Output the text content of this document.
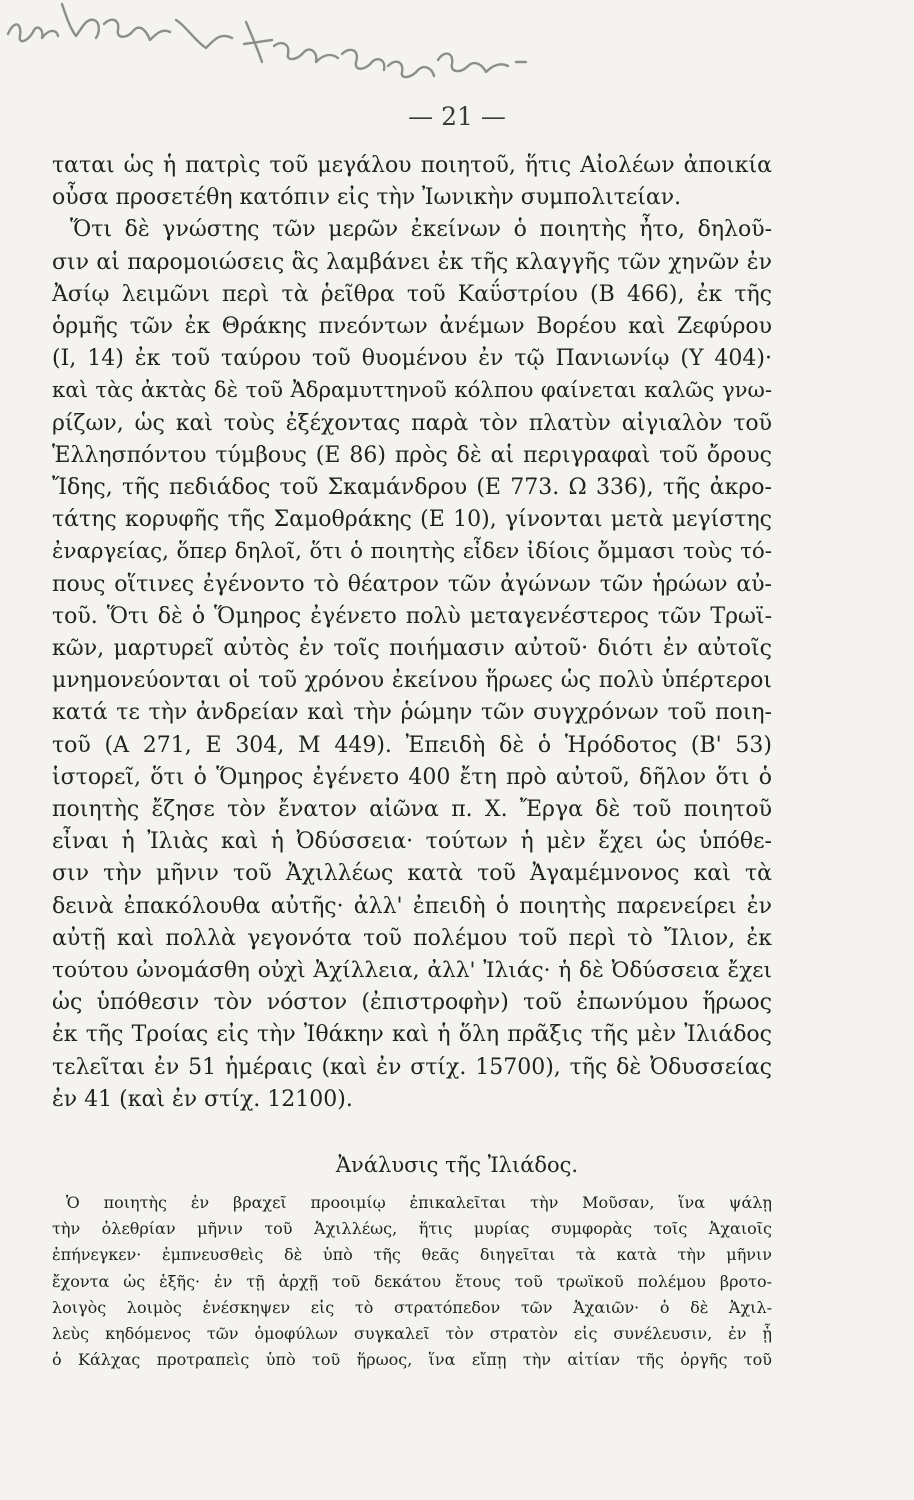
— 21 —
ταται ὡς ἡ πατρὶς τοῦ μεγάλου ποιητοῦ, ἥτις Αἰολέων ἀποικία
οὖσα προσετέθη κατόπιν εἰς τὴν Ἰωνικὴν συμπολιτείαν.
Ὅτι δὲ γνώστης τῶν μερῶν ἐκείνων ὁ ποιητὴς ἦτο, δηλοῦ-
σιν αἱ παρομοιώσεις ἃς λαμβάνει ἐκ τῆς κλαγγῆς τῶν χηνῶν ἐν
Ἀσίῳ λειμῶνι περὶ τὰ ῥεῖθρα τοῦ Καΰστρίου (Β 466), ἐκ τῆς
ὁρμῆς τῶν ἐκ Θράκης πνεόντων ἀνέμων Βορέου καὶ Ζεφύρου
(Ι, 14) ἐκ τοῦ ταύρου τοῦ θυομένου ἐν τῷ Πανιωνίῳ (Υ 404)·
καὶ τὰς ἀκτὰς δὲ τοῦ Ἀδραμυττηνοῦ κόλπου φαίνεται καλῶς γνω-
ρίζων, ὡς καὶ τοὺς ἐξέχοντας παρὰ τὸν πλατὺν αἰγιαλὸν τοῦ
Ἑλλησπόντου τύμβους (Ε 86) πρὸς δὲ αἱ περιγραφαὶ τοῦ ὄρους
Ἴδης, τῆς πεδιάδος τοῦ Σκαμάνδρου (Ε 773. Ω 336), τῆς ἀκρο-
τάτης κορυφῆς τῆς Σαμοθράκης (Ε 10), γίνονται μετὰ μεγίστης
ἐναργείας, ὅπερ δηλοῖ, ὅτι ὁ ποιητὴς εἶδεν ἰδίοις ὄμμασι τοὺς τό-
πους οἵτινες ἐγένοντο τὸ θέατρον τῶν ἀγώνων τῶν ἡρώων αὐ-
τοῦ. Ὅτι δὲ ὁ Ὅμηρος ἐγένετο πολὺ μεταγενέστερος τῶν Τρωϊ-
κῶν, μαρτυρεῖ αὐτὸς ἐν τοῖς ποιήμασιν αὐτοῦ· διότι ἐν αὐτοῖς
μνημονεύονται οἱ τοῦ χρόνου ἐκείνου ἥρωες ὡς πολὺ ὑπέρτεροι
κατά τε τὴν ἀνδρείαν καὶ τὴν ῥώμην τῶν συγχρόνων τοῦ ποιη-
τοῦ (Α 271, Ε 304, Μ 449). Ἐπειδὴ δὲ ὁ Ἡρόδοτος (Β' 53)
ἱστορεῖ, ὅτι ὁ Ὅμηρος ἐγένετο 400 ἔτη πρὸ αὐτοῦ, δῆλον ὅτι ὁ
ποιητὴς ἔζησε τὸν ἔνατον αἰῶνα π. Χ. Ἔργα δὲ τοῦ ποιητοῦ
εἶναι ἡ Ἰλιὰς καὶ ἡ Ὀδύσσεια· τούτων ἡ μὲν ἔχει ὡς ὑπόθε-
σιν τὴν μῆνιν τοῦ Ἀχιλλέως κατὰ τοῦ Ἀγαμέμνονος καὶ τὰ
δεινὰ ἐπακόλουθα αὐτῆς· ἀλλ' ἐπειδὴ ὁ ποιητὴς παρενείρει ἐν
αὐτῇ καὶ πολλὰ γεγονότα τοῦ πολέμου τοῦ περὶ τὸ Ἴλιον, ἐκ
τούτου ὠνομάσθη οὐχὶ Ἀχίλλεια, ἀλλ' Ἰλιάς· ἡ δὲ Ὀδύσσεια ἔχει
ὡς ὑπόθεσιν τὸν νόστον (ἐπιστροφὴν) τοῦ ἐπωνύμου ἥρωος
ἐκ τῆς Τροίας εἰς τὴν Ἰθάκην καὶ ἡ ὅλη πρᾶξις τῆς μὲν Ἰλιάδος
τελεῖται ἐν 51 ἡμέραις (καὶ ἐν στίχ. 15700), τῆς δὲ Ὀδυσσείας
ἐν 41 (καὶ ἐν στίχ. 12100).
Ἀνάλυσις τῆς Ἰλιάδος.
Ὁ ποιητὴς ἐν βραχεῖ προοιμίῳ ἐπικαλεῖται τὴν Μοῦσαν, ἵνα ψάλῃ
τὴν ὀλεθρίαν μῆνιν τοῦ Ἀχιλλέως, ἥτις μυρίας συμφορὰς τοῖς Ἀχαιοῖς
ἐπήνεγκεν· ἐμπνευσθεὶς δὲ ὑπὸ τῆς θεᾶς διηγεῖται τὰ κατὰ τὴν μῆνιν
ἔχοντα ὡς ἑξῆς· ἐν τῇ ἀρχῇ τοῦ δεκάτου ἔτους τοῦ τρωϊκοῦ πολέμου βροτο-
λοιγὸς λοιμὸς ἐνέσκηψεν εἰς τὸ στρατόπεδον τῶν Ἀχαιῶν· ὁ δὲ Ἀχιλ-
λεὺς κηδόμενος τῶν ὁμοφύλων συγκαλεῖ τὸν στρατὸν εἰς συνέλευσιν, ἐν ᾗ
ὁ Κάλχας προτραπεὶς ὑπὸ τοῦ ἥρωος, ἵνα εἴπῃ τὴν αἰτίαν τῆς ὀργῆς τοῦ
